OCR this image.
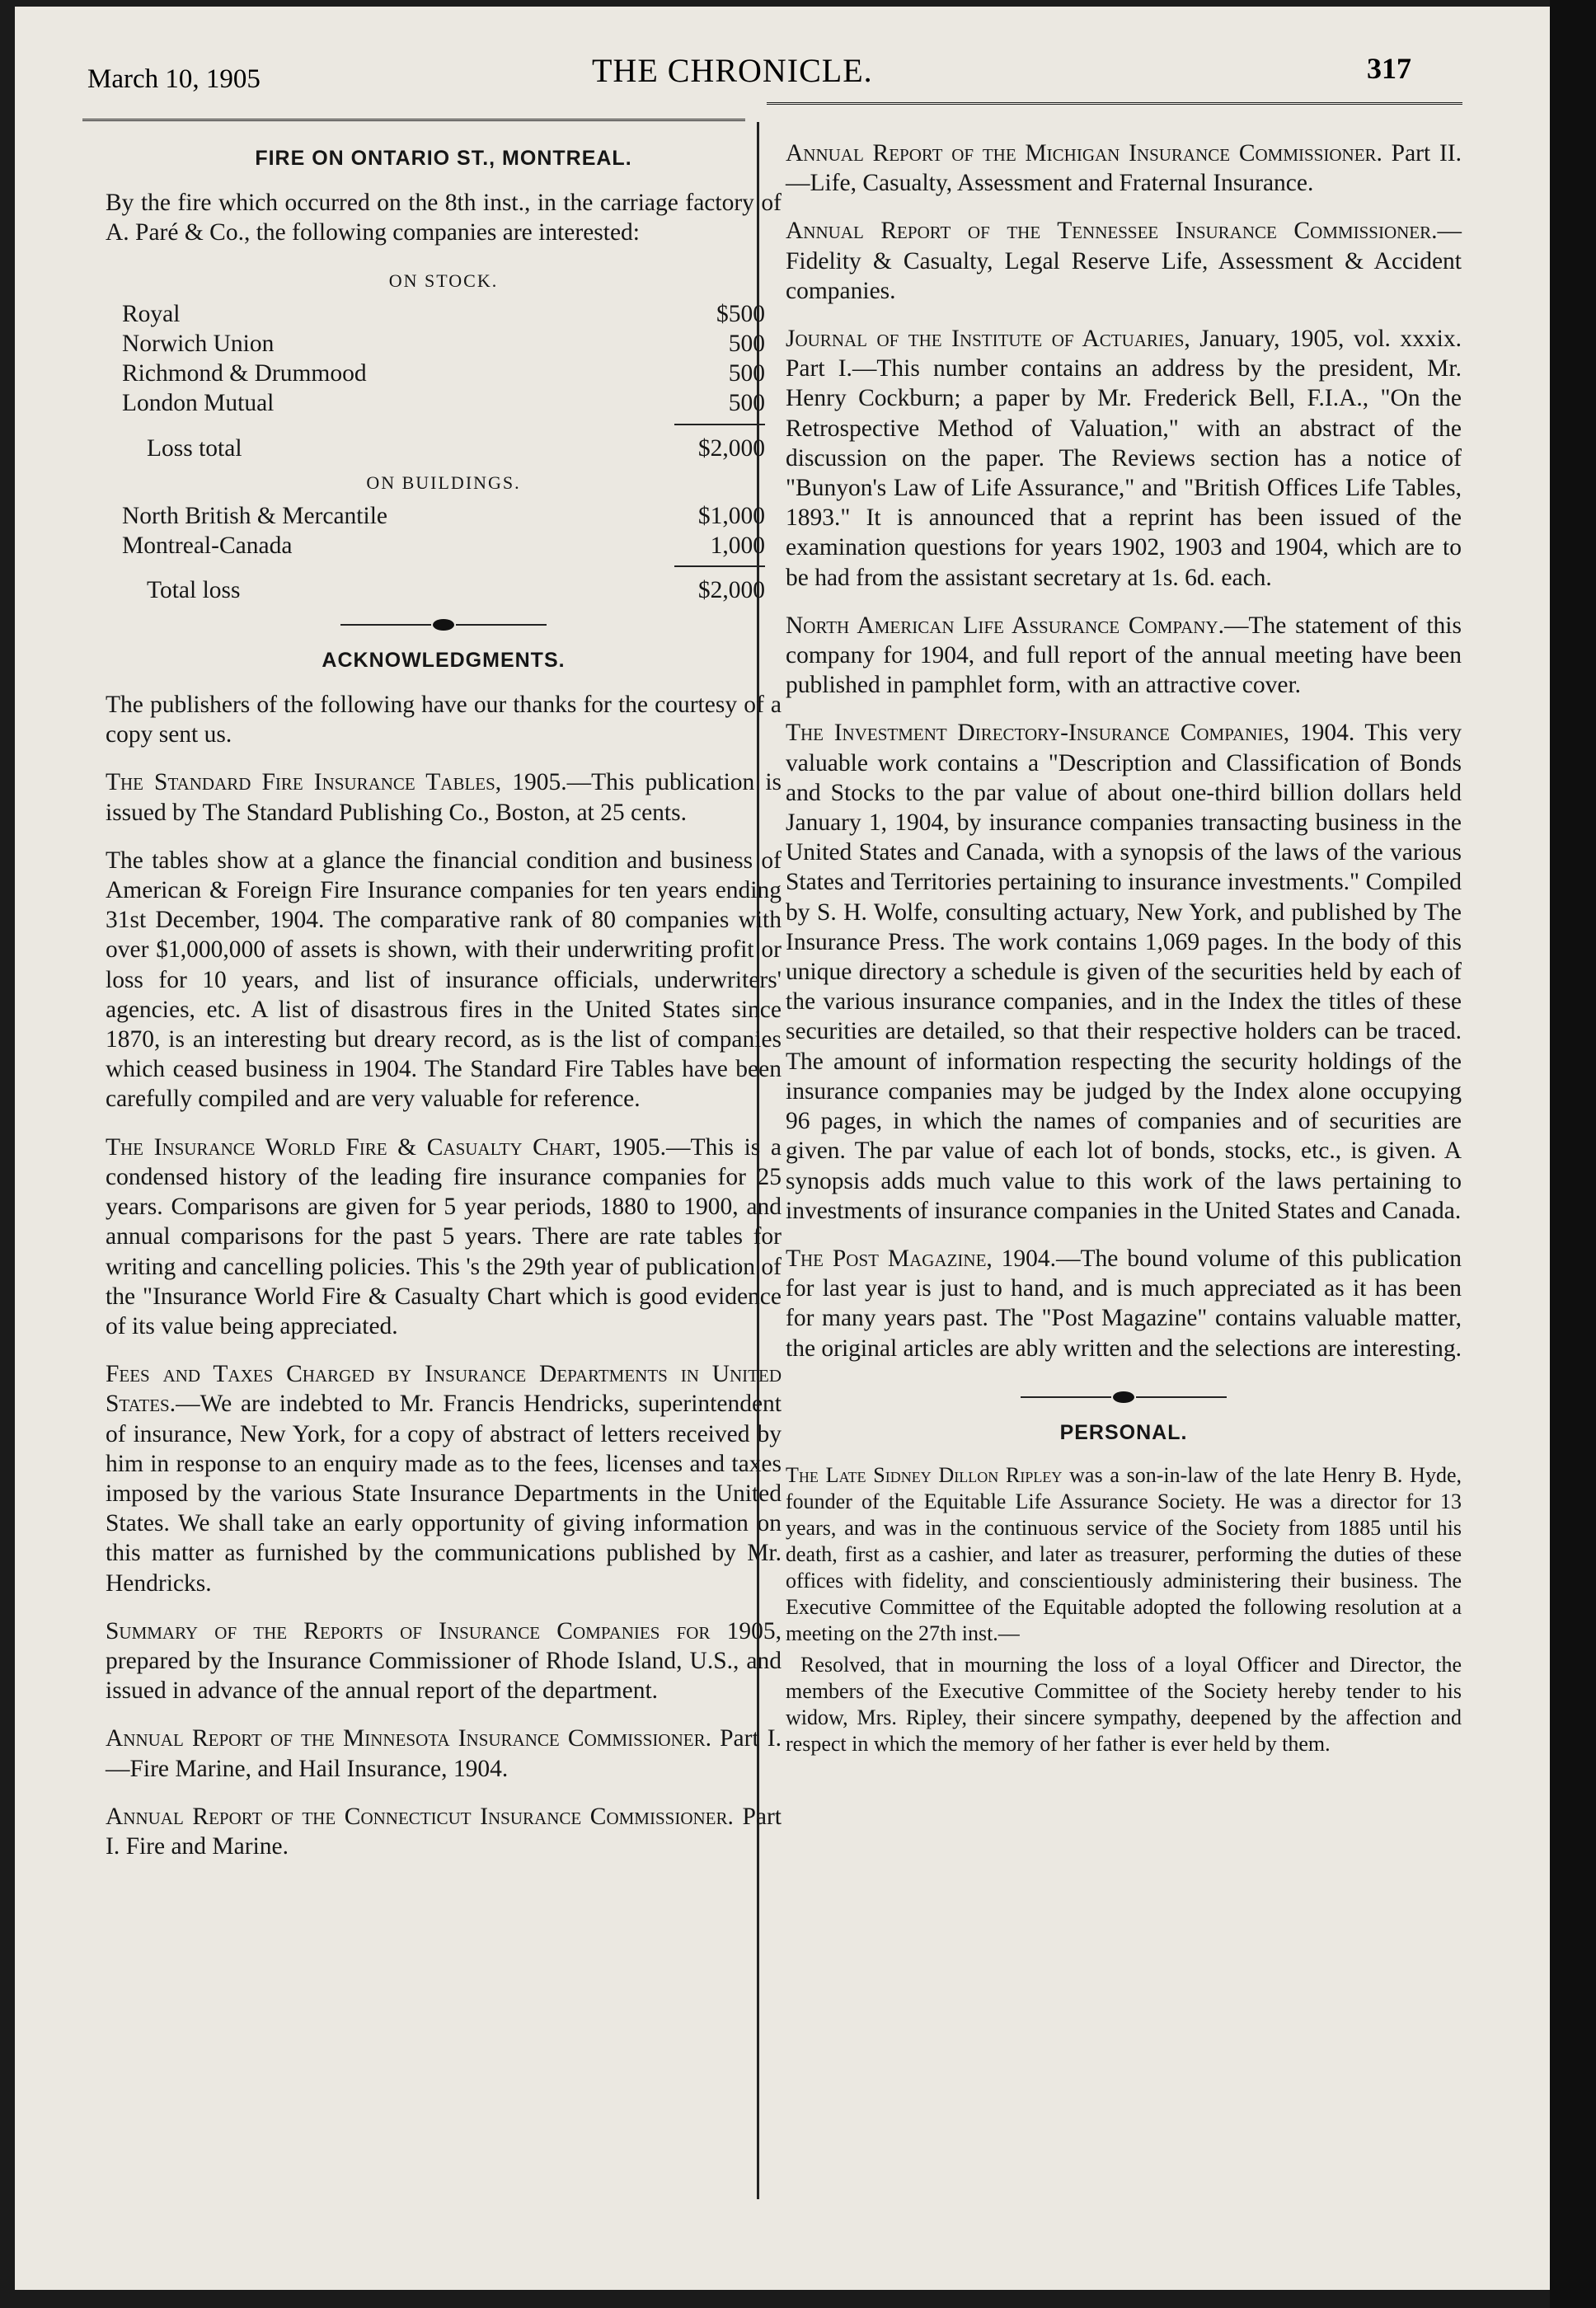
March 10, 1905	THE CHRONICLE.	317
FIRE ON ONTARIO ST., MONTREAL.

By the fire which occurred on the 8th inst., in the carriage factory of A. Paré & Co., the following companies are interested:

ON STOCK.
Royal	$500
Norwich Union	500
Richmond & Drummood	500
London Mutual	500
Loss total	$2,000
ON BUILDINGS.
North British & Mercantile	$1,000
Montreal-Canada	1,000
Total loss	$2,000
ACKNOWLEDGMENTS.

The publishers of the following have our thanks for the courtesy of a copy sent us.

The Standard Fire Insurance Tables, 1905.—This publication is issued by The Standard Publishing Co., Boston, at 25 cents.

The tables show at a glance the financial condition and business of American & Foreign Fire Insurance companies for ten years ending 31st December, 1904. The comparative rank of 80 companies with over $1,000,000 of assets is shown, with their underwriting profit or loss for 10 years, and list of insurance officials, underwriters' agencies, etc. A list of disastrous fires in the United States since 1870, is an interesting but dreary record, as is the list of companies which ceased business in 1904. The Standard Fire Tables have been carefully compiled and are very valuable for reference.

The Insurance World Fire & Casualty Chart, 1905.—This is a condensed history of the leading fire insurance companies for 25 years. Comparisons are given for 5 year periods, 1880 to 1900, and annual comparisons for the past 5 years. There are rate tables for writing and cancelling policies. This 's the 29th year of publication of the "Insurance World Fire & Casualty Chart which is good evidence of its value being appreciated.

Fees and Taxes Charged by Insurance Departments in United States.—We are indebted to Mr. Francis Hendricks, superintendent of insurance, New York, for a copy of abstract of letters received by him in response to an enquiry made as to the fees, licenses and taxes imposed by the various State Insurance Departments in the United States. We shall take an early opportunity of giving information on this matter as furnished by the communications published by Mr. Hendricks.

Summary of the Reports of Insurance Companies for 1905, prepared by the Insurance Commissioner of Rhode Island, U.S., and issued in advance of the annual report of the department.

Annual Report of the Minnesota Insurance Commissioner. Part I.—Fire Marine, and Hail Insurance, 1904.

Annual Report of the Connecticut Insurance Commissioner. Part I. Fire and Marine.

Annual Report of the Michigan Insurance Commissioner. Part II.—Life, Casualty, Assessment and Fraternal Insurance.

Annual Report of the Tennessee Insurance Commissioner.—Fidelity & Casualty, Legal Reserve Life, Assessment & Accident companies.

Journal of the Institute of Actuaries, January, 1905, vol. xxxix. Part I.—This number contains an address by the president, Mr. Henry Cockburn; a paper by Mr. Frederick Bell, F.I.A., "On the Retrospective Method of Valuation," with an abstract of the discussion on the paper. The Reviews section has a notice of "Bunyon's Law of Life Assurance," and "British Offices Life Tables, 1893." It is announced that a reprint has been issued of the examination questions for years 1902, 1903 and 1904, which are to be had from the assistant secretary at 1s. 6d. each.

North American Life Assurance Company.—The statement of this company for 1904, and full report of the annual meeting have been published in pamphlet form, with an attractive cover.

The Investment Directory-Insurance Companies, 1904. This very valuable work contains a "Description and Classification of Bonds and Stocks to the par value of about one-third billion dollars held January 1, 1904, by insurance companies transacting business in the United States and Canada, with a synopsis of the laws of the various States and Territories pertaining to insurance investments." Compiled by S. H. Wolfe, consulting actuary, New York, and published by The Insurance Press. The work contains 1,069 pages. In the body of this unique directory a schedule is given of the securities held by each of the various insurance companies, and in the Index the titles of these securities are detailed, so that their respective holders can be traced. The amount of information respecting the security holdings of the insurance companies may be judged by the Index alone occupying 96 pages, in which the names of companies and of securities are given. The par value of each lot of bonds, stocks, etc., is given. A synopsis adds much value to this work of the laws pertaining to investments of insurance companies in the United States and Canada.

The Post Magazine, 1904.—The bound volume of this publication for last year is just to hand, and is much appreciated as it has been for many years past. The "Post Magazine" contains valuable matter, the original articles are ably written and the selections are interesting.

PERSONAL.

The Late Sidney Dillon Ripley was a son-in-law of the late Henry B. Hyde, founder of the Equitable Life Assurance Society. He was a director for 13 years, and was in the continuous service of the Society from 1885 until his death, first as a cashier, and later as treasurer, performing the duties of these offices with fidelity, and conscientiously administering their business. The Executive Committee of the Equitable adopted the following resolution at a meeting on the 27th inst.—

Resolved, that in mourning the loss of a loyal Officer and Director, the members of the Executive Committee of the Society hereby tender to his widow, Mrs. Ripley, their sincere sympathy, deepened by the affection and respect in which the memory of her father is ever held by them.
